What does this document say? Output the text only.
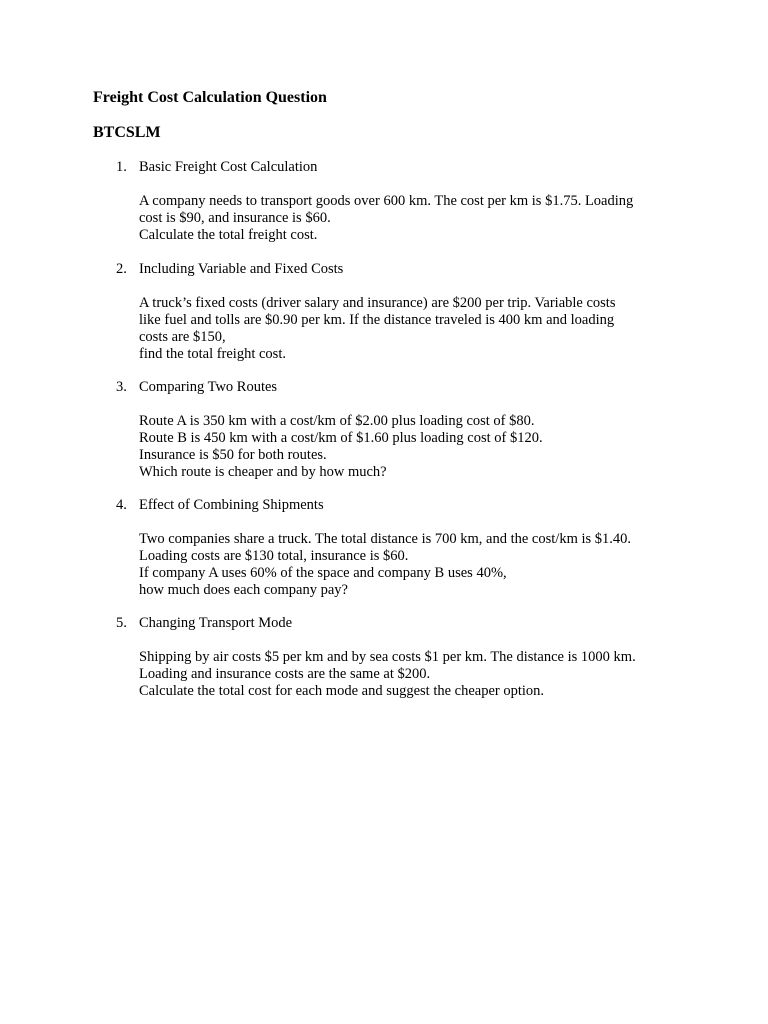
Freight Cost Calculation Question
BTCSLM
1. Basic Freight Cost Calculation
A company needs to transport goods over 600 km. The cost per km is $1.75. Loading
cost is $90, and insurance is $60.
Calculate the total freight cost.
2. Including Variable and Fixed Costs
A truck’s fixed costs (driver salary and insurance) are $200 per trip. Variable costs
like fuel and tolls are $0.90 per km. If the distance traveled is 400 km and loading
costs are $150,
find the total freight cost.
3. Comparing Two Routes
Route A is 350 km with a cost/km of $2.00 plus loading cost of $80.
Route B is 450 km with a cost/km of $1.60 plus loading cost of $120.
Insurance is $50 for both routes.
Which route is cheaper and by how much?
4. Effect of Combining Shipments
Two companies share a truck. The total distance is 700 km, and the cost/km is $1.40.
Loading costs are $130 total, insurance is $60.
If company A uses 60% of the space and company B uses 40%,
how much does each company pay?
5. Changing Transport Mode
Shipping by air costs $5 per km and by sea costs $1 per km. The distance is 1000 km.
Loading and insurance costs are the same at $200.
Calculate the total cost for each mode and suggest the cheaper option.
